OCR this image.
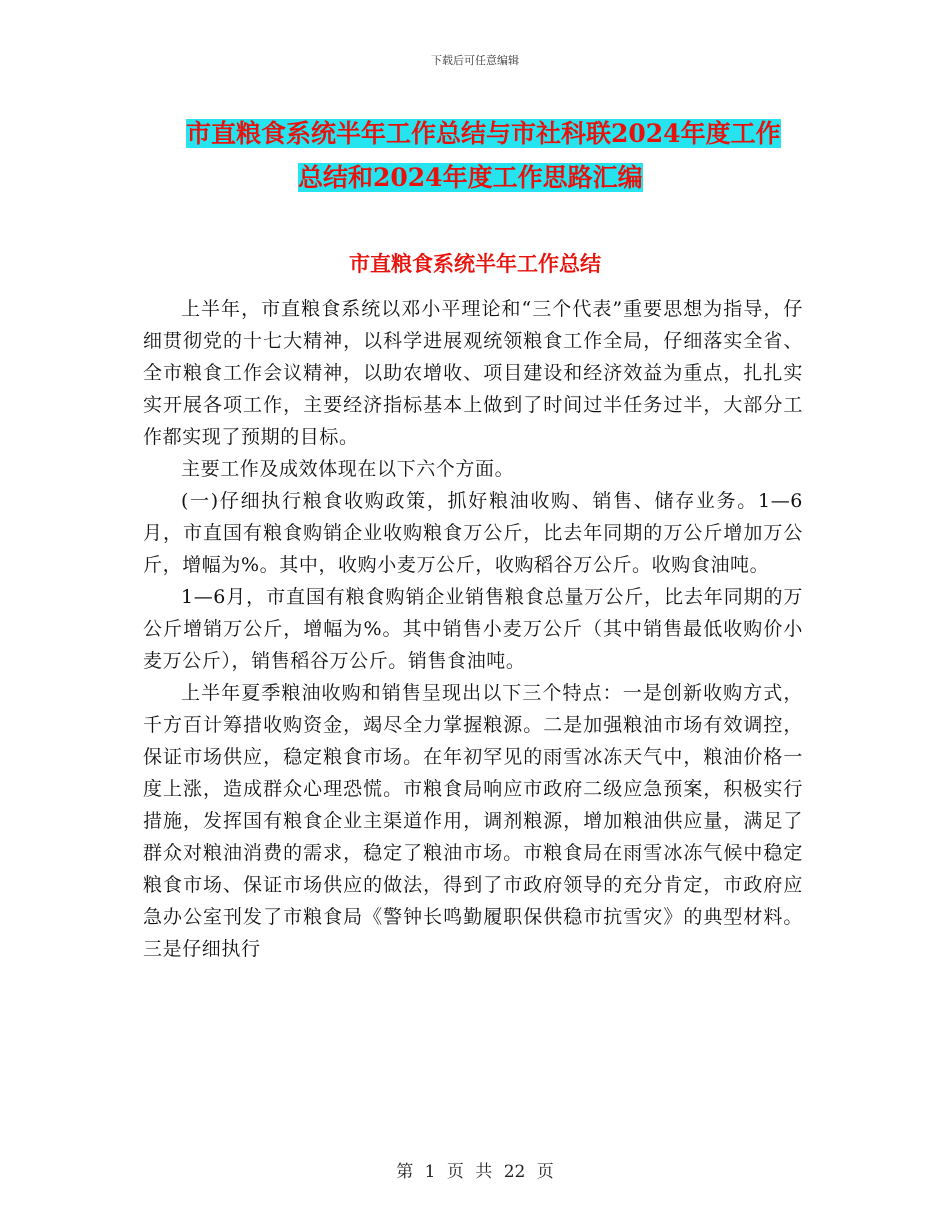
下载后可任意编辑
市直粮食系统半年工作总结与市社科联2024年度工作
总结和2024年度工作思路汇编
市直粮食系统半年工作总结

上半年，市直粮食系统以邓小平理论和“三个代表”重要思想为指导，仔细贯彻党的十七大精神，以科学进展观统领粮食工作全局，仔细落实全省、全市粮食工作会议精神，以助农增收、项目建设和经济效益为重点，扎扎实实开展各项工作，主要经济指标基本上做到了时间过半任务过半，大部分工作都实现了预期的目标。

主要工作及成效体现在以下六个方面。

(一)仔细执行粮食收购政策，抓好粮油收购、销售、储存业务。1—6月，市直国有粮食购销企业收购粮食万公斤，比去年同期的万公斤增加万公斤，增幅为%。其中，收购小麦万公斤，收购稻谷万公斤。收购食油吨。

1—6月，市直国有粮食购销企业销售粮食总量万公斤，比去年同期的万公斤增销万公斤，增幅为%。其中销售小麦万公斤（其中销售最低收购价小麦万公斤），销售稻谷万公斤。销售食油吨。

上半年夏季粮油收购和销售呈现出以下三个特点：一是创新收购方式，千方百计筹措收购资金，竭尽全力掌握粮源。二是加强粮油市场有效调控，保证市场供应，稳定粮食市场。在年初罕见的雨雪冰冻天气中，粮油价格一度上涨，造成群众心理恐慌。市粮食局响应市政府二级应急预案，积极实行措施，发挥国有粮食企业主渠道作用，调剂粮源，增加粮油供应量，满足了群众对粮油消费的需求，稳定了粮油市场。市粮食局在雨雪冰冻气候中稳定粮食市场、保证市场供应的做法，得到了市政府领导的充分肯定，市政府应急办公室刊发了市粮食局《警钟长鸣勤履职保供稳市抗雪灾》的典型材料。三是仔细执行

第 1 页 共 22 页
